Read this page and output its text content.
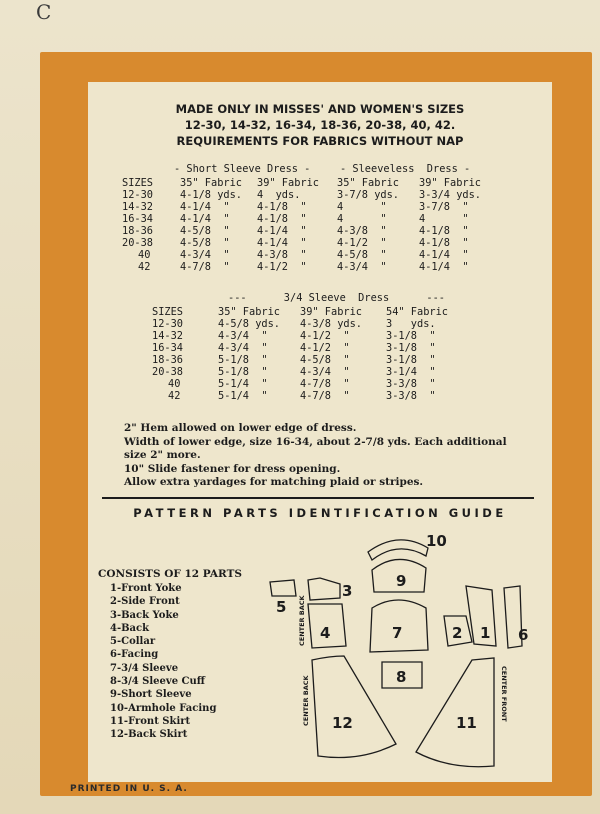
C
MADE ONLY IN MISSES' AND WOMEN'S SIZES
12-30, 14-32, 16-34, 18-36, 20-38, 40, 42.
REQUIREMENTS FOR FABRICS WITHOUT NAP
- Short Sleeve Dress -	- Sleeveless  Dress -
SIZES	35" Fabric	39" Fabric	35" Fabric	39" Fabric
12-30	4-1/8 yds.	4  yds.	3-7/8 yds.	3-3/4 yds.
14-32	4-1/4  "	4-1/8  "	4      "	3-7/8  "
16-34	4-1/4  "	4-1/8  "	4      "	4      "
18-36	4-5/8  "	4-1/4  "	4-3/8  "	4-1/8  "
20-38	4-5/8  "	4-1/4  "	4-1/2  "	4-1/8  "
40	4-3/4  "	4-3/8  "	4-5/8  "	4-1/4  "
42	4-7/8  "	4-1/2  "	4-3/4  "	4-1/4  "
---      3/4 Sleeve  Dress      ---
SIZES	35" Fabric	39" Fabric	54" Fabric
12-30	4-5/8 yds.	4-3/8 yds.	3   yds.
14-32	4-3/4  "	4-1/2  "	3-1/8  "
16-34	4-3/4  "	4-1/2  "	3-1/8  "
18-36	5-1/8  "	4-5/8  "	3-1/8  "
20-38	5-1/8  "	4-3/4  "	3-1/4  "
40	5-1/4  "	4-7/8  "	3-3/8  "
42	5-1/4  "	4-7/8  "	3-3/8  "
2" Hem allowed on lower edge of dress.
Width of lower edge, size 16-34, about 2-7/8 yds. Each additional
size 2" more.
10" Slide fastener for dress opening.
Allow extra yardages for matching plaid or stripes.
PATTERN PARTS IDENTIFICATION GUIDE
CONSISTS OF 12 PARTS
1-Front Yoke
2-Side Front
3-Back Yoke
4-Back
5-Collar
6-Facing
7-3/4 Sleeve
8-3/4 Sleeve Cuff
9-Short Sleeve
10-Armhole Facing
11-Front Skirt
12-Back Skirt
10
9
5
3
4	7	2 1 6
8
12	11
CENTER BACK
CENTER BACK	CENTER FRONT
PRINTED IN U. S. A.
